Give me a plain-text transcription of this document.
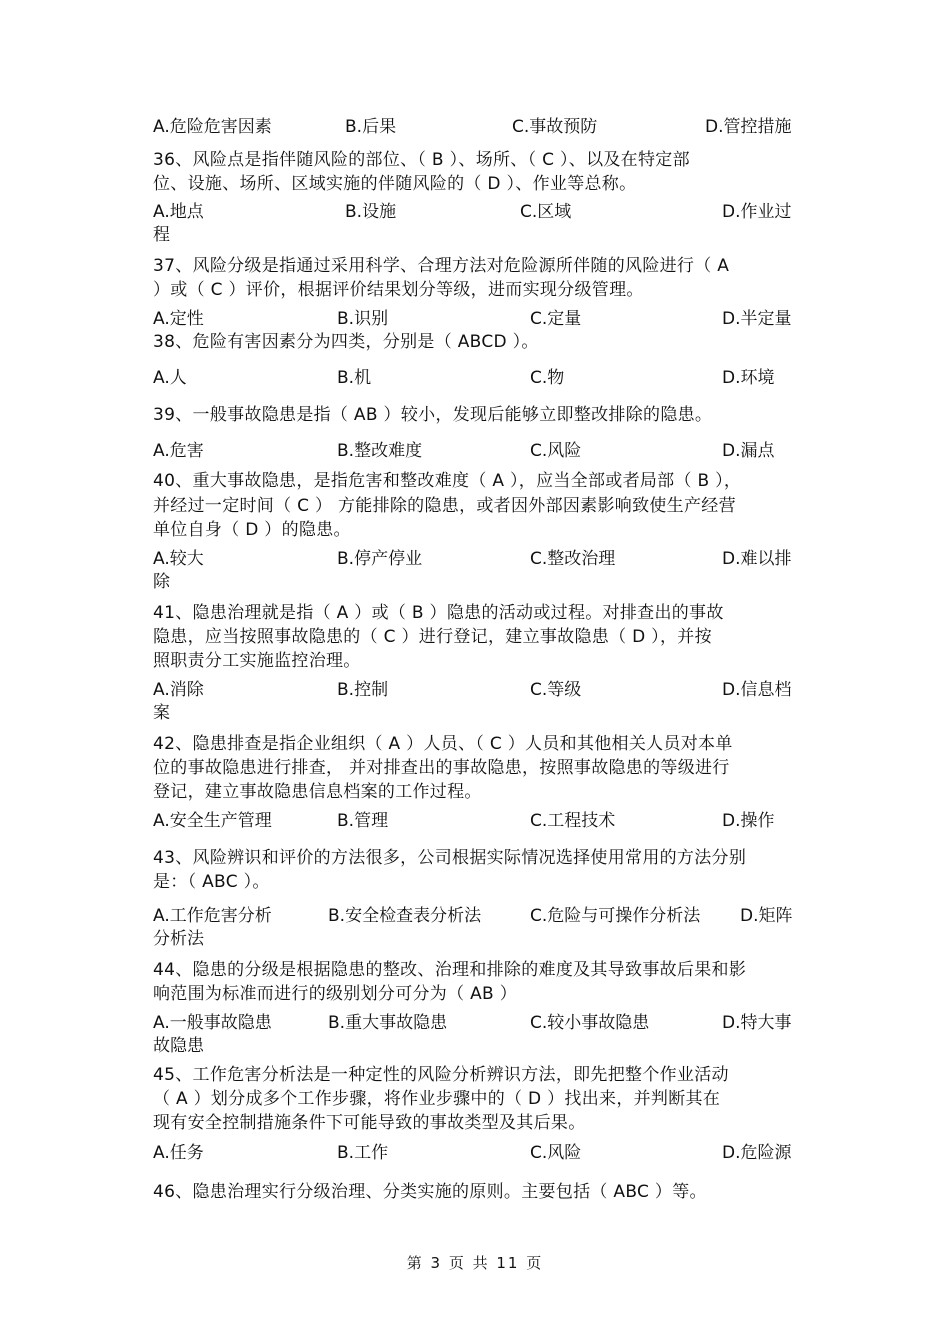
A.危险危害因素	B.后果	C.事故预防	D.管控措施
36、风险点是指伴随风险的部位、（ B ）、场所、（ C ）、以及在特定部
位、设施、场所、区域实施的伴随风险的（ D ）、作业等总称。
A.地点	B.设施	C.区域	D.作业过
程
37、风险分级是指通过采用科学、合理方法对危险源所伴随的风险进行（ A
）或（ C ）评价，根据评价结果划分等级，进而实现分级管理。
A.定性	B.识别	C.定量	D.半定量
38、危险有害因素分为四类，分别是（ ABCD ）。
A.人	B.机	C.物	D.环境
39、一般事故隐患是指（ AB ）较小，发现后能够立即整改排除的隐患。
A.危害	B.整改难度	C.风险	D.漏点
40、重大事故隐患，是指危害和整改难度（ A ），应当全部或者局部（ B ），
并经过一定时间（ C ） 方能排除的隐患，或者因外部因素影响致使生产经营
单位自身（ D ）的隐患。
A.较大	B.停产停业	C.整改治理	D.难以排
除
41、隐患治理就是指（ A ）或（ B ）隐患的活动或过程。对排查出的事故
隐患，应当按照事故隐患的（ C ）进行登记，建立事故隐患（ D ），并按
照职责分工实施监控治理。
A.消除	B.控制	C.等级	D.信息档
案
42、隐患排查是指企业组织（ A ）人员、（ C ）人员和其他相关人员对本单
位的事故隐患进行排查， 并对排查出的事故隐患，按照事故隐患的等级进行
登记，建立事故隐患信息档案的工作过程。
A.安全生产管理	B.管理	C.工程技术	D.操作
43、风险辨识和评价的方法很多，公司根据实际情况选择使用常用的方法分别
是：（ ABC ）。
A.工作危害分析	B.安全检查表分析法	C.危险与可操作分析法 D.矩阵
分析法
44、隐患的分级是根据隐患的整改、治理和排除的难度及其导致事故后果和影
响范围为标准而进行的级别划分可分为（ AB ）
A.一般事故隐患	B.重大事故隐患	C.较小事故隐患	D.特大事
故隐患
45、工作危害分析法是一种定性的风险分析辨识方法，即先把整个作业活动
（ A ）划分成多个工作步骤，将作业步骤中的（ D ）找出来，并判断其在
现有安全控制措施条件下可能导致的事故类型及其后果。
A.任务	B.工作	C.风险	D.危险源
46、隐患治理实行分级治理、分类实施的原则。主要包括（ ABC ）等。
第 3 页 共 11 页
